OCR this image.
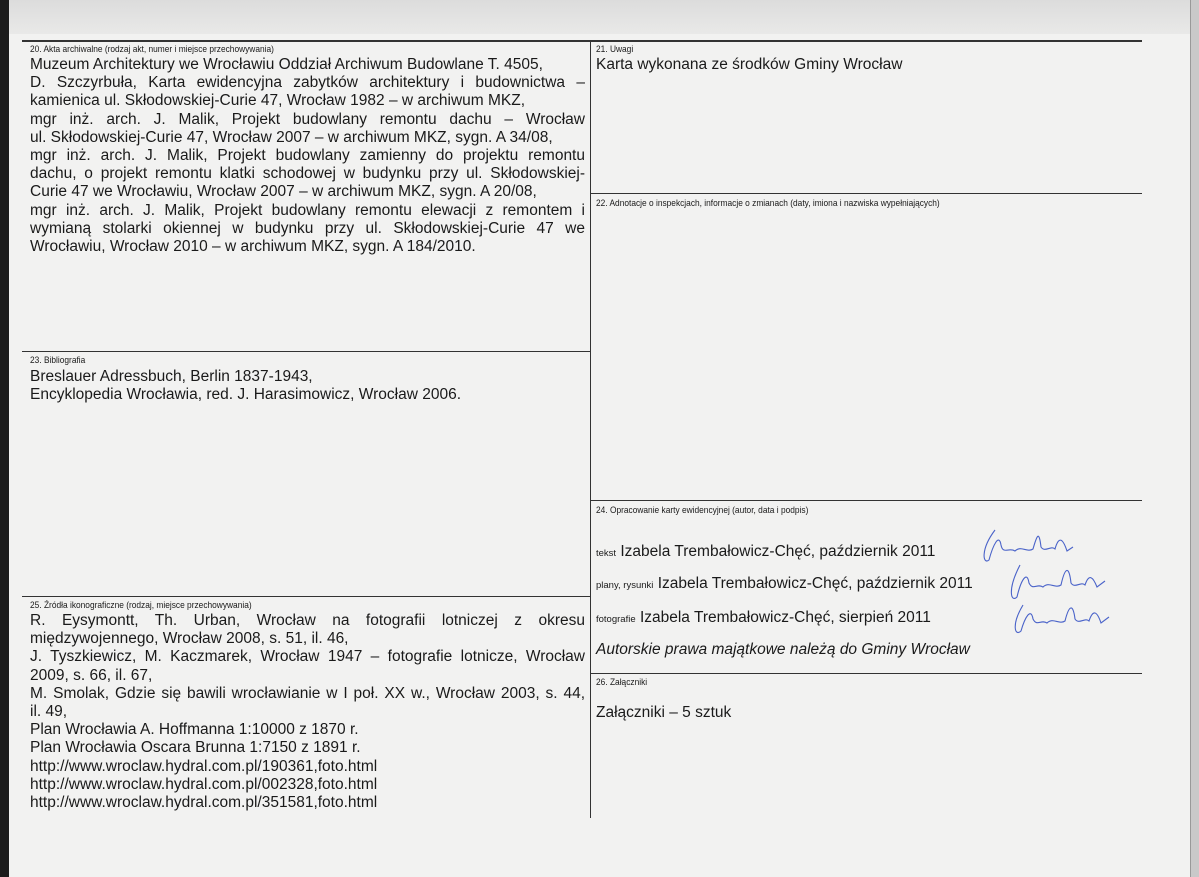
20. Akta archiwalne (rodzaj akt, numer i miejsce przechowywania)
Muzeum Architektury we Wrocławiu Oddział Archiwum Budowlane T. 4505,
D. Szczyrbuła, Karta ewidencyjna zabytków architektury i budownictwa –
kamienica ul. Skłodowskiej-Curie 47, Wrocław 1982 – w archiwum MKZ,
mgr inż. arch. J. Malik, Projekt budowlany remontu dachu – Wrocław
ul. Skłodowskiej-Curie 47, Wrocław 2007 – w archiwum MKZ, sygn. A 34/08,
mgr inż. arch. J. Malik, Projekt budowlany zamienny do projektu remontu
dachu, o projekt remontu klatki schodowej w budynku przy ul. Skłodowskiej-
Curie 47 we Wrocławiu, Wrocław 2007 – w archiwum MKZ, sygn. A 20/08,
mgr inż. arch. J. Malik, Projekt budowlany remontu elewacji z remontem i
wymianą stolarki okiennej w budynku przy ul. Skłodowskiej-Curie 47 we
Wrocławiu, Wrocław 2010 – w archiwum MKZ, sygn. A 184/2010.
21. Uwagi
Karta wykonana ze środków Gminy Wrocław
22. Adnotacje o inspekcjach, informacje o zmianach (daty, imiona i nazwiska wypełniających)
23. Bibliografia
Breslauer Adressbuch, Berlin 1837-1943,
Encyklopedia Wrocławia, red. J. Harasimowicz, Wrocław 2006.
24. Opracowanie karty ewidencyjnej (autor, data i podpis)
tekst Izabela Trembałowicz-Chęć, październik 2011
plany, rysunki Izabela Trembałowicz-Chęć, październik 2011
fotografie Izabela Trembałowicz-Chęć, sierpień 2011
Autorskie prawa majątkowe należą do Gminy Wrocław
25. Źródła ikonograficzne (rodzaj, miejsce przechowywania)
R. Eysymontt, Th. Urban, Wrocław na fotografii lotniczej z okresu
międzywojennego, Wrocław 2008, s. 51, il. 46,
J. Tyszkiewicz, M. Kaczmarek, Wrocław 1947 – fotografie lotnicze, Wrocław
2009, s. 66, il. 67,
M. Smolak, Gdzie się bawili wrocławianie w I poł. XX w., Wrocław 2003, s. 44,
il. 49,
Plan Wrocławia A. Hoffmanna 1:10000 z 1870 r.
Plan Wrocławia Oscara Brunna 1:7150 z 1891 r.
http://www.wroclaw.hydral.com.pl/190361,foto.html
http://www.wroclaw.hydral.com.pl/002328,foto.html
http://www.wroclaw.hydral.com.pl/351581,foto.html
26. Załączniki
Załączniki – 5 sztuk
